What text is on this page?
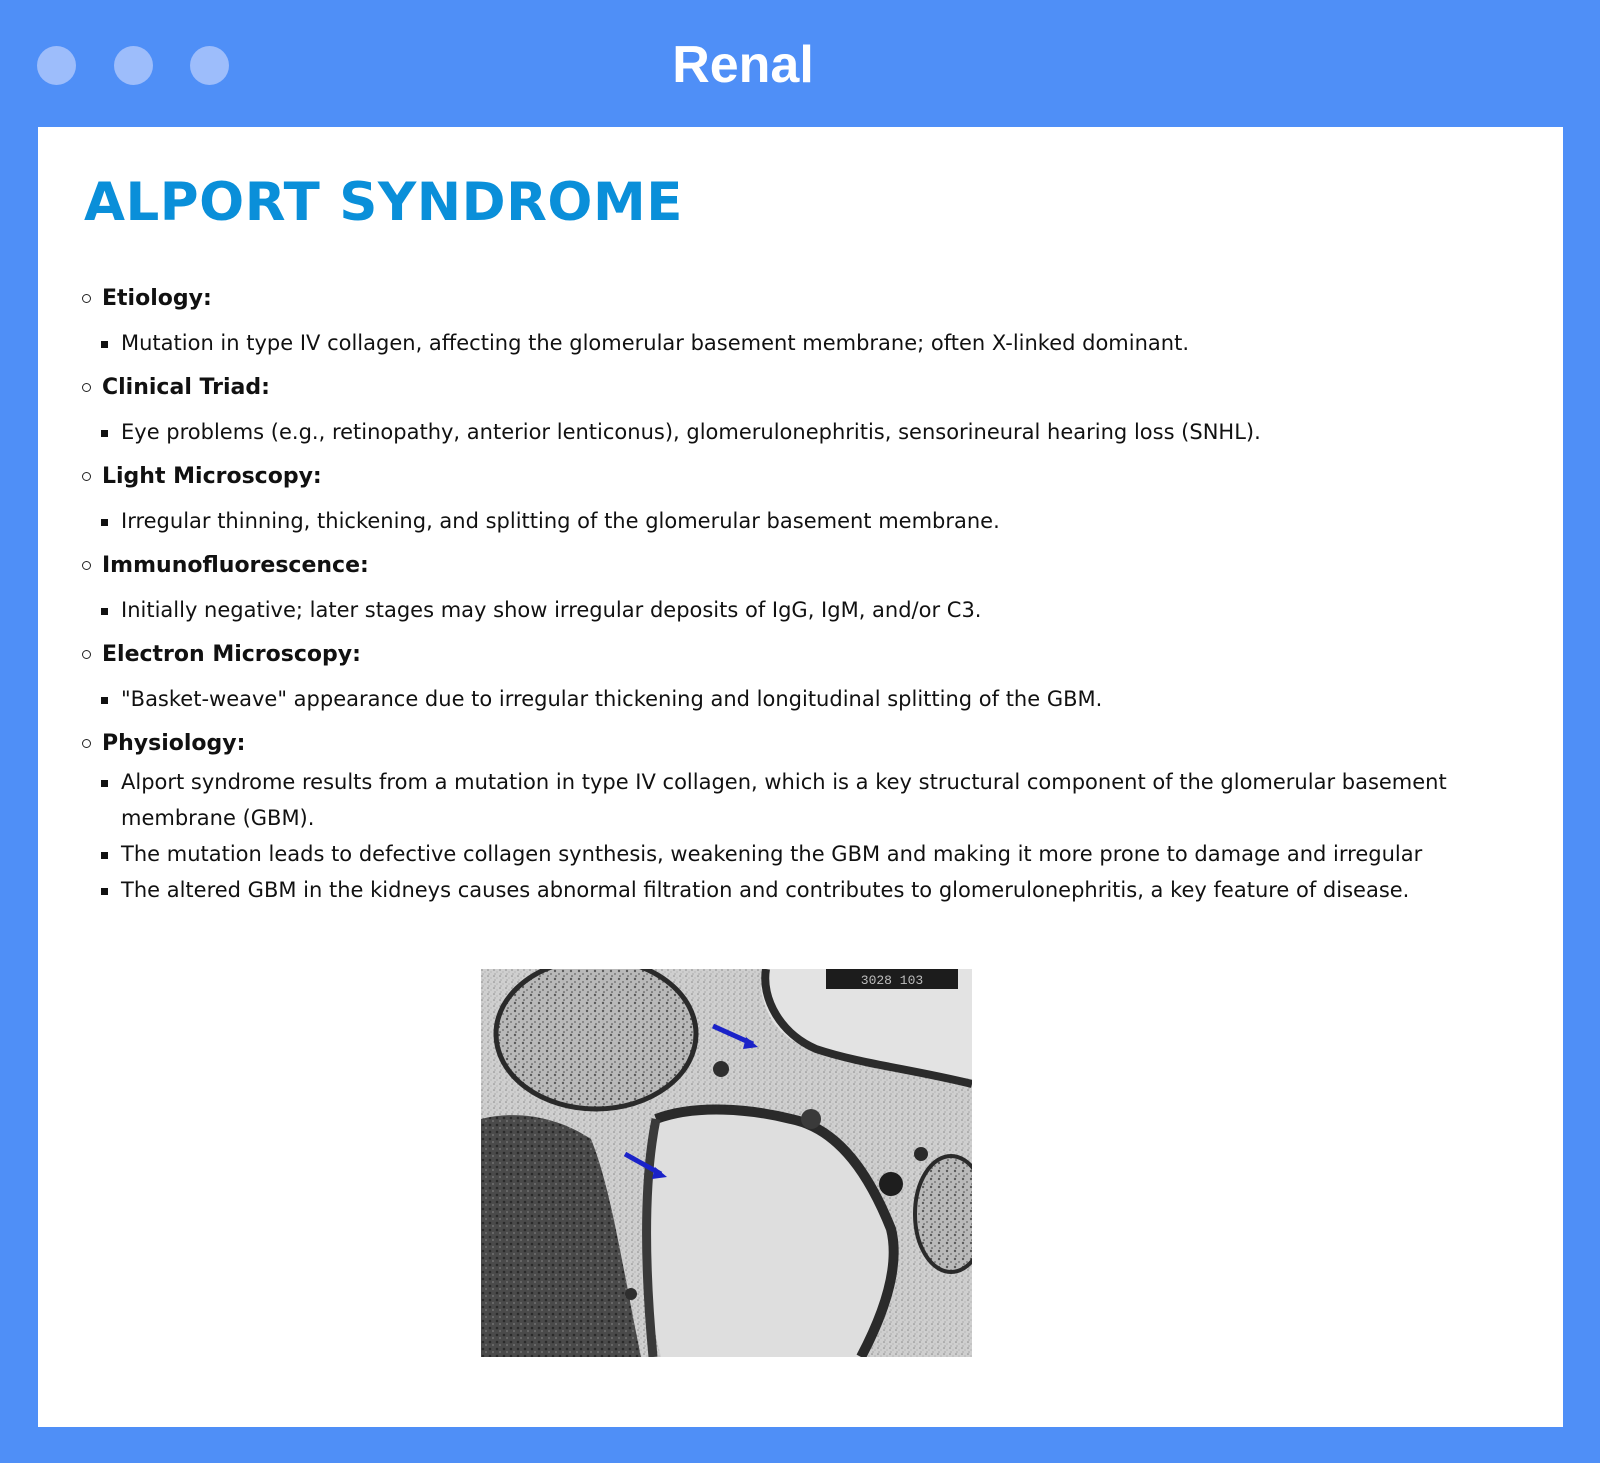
Renal
ALPORT SYNDROME
Etiology:
Mutation in type IV collagen, affecting the glomerular basement membrane; often X-linked dominant.
Clinical Triad:
Eye problems (e.g., retinopathy, anterior lenticonus), glomerulonephritis, sensorineural hearing loss (SNHL).
Light Microscopy:
Irregular thinning, thickening, and splitting of the glomerular basement membrane.
Immunofluorescence:
Initially negative; later stages may show irregular deposits of IgG, IgM, and/or C3.
Electron Microscopy:
"Basket-weave" appearance due to irregular thickening and longitudinal splitting of the GBM.
Physiology:
Alport syndrome results from a mutation in type IV collagen, which is a key structural component of the glomerular basement membrane (GBM).
The mutation leads to defective collagen synthesis, weakening the GBM and making it more prone to damage and irregular
The altered GBM in the kidneys causes abnormal filtration and contributes to glomerulonephritis, a key feature of disease.
3028 103
